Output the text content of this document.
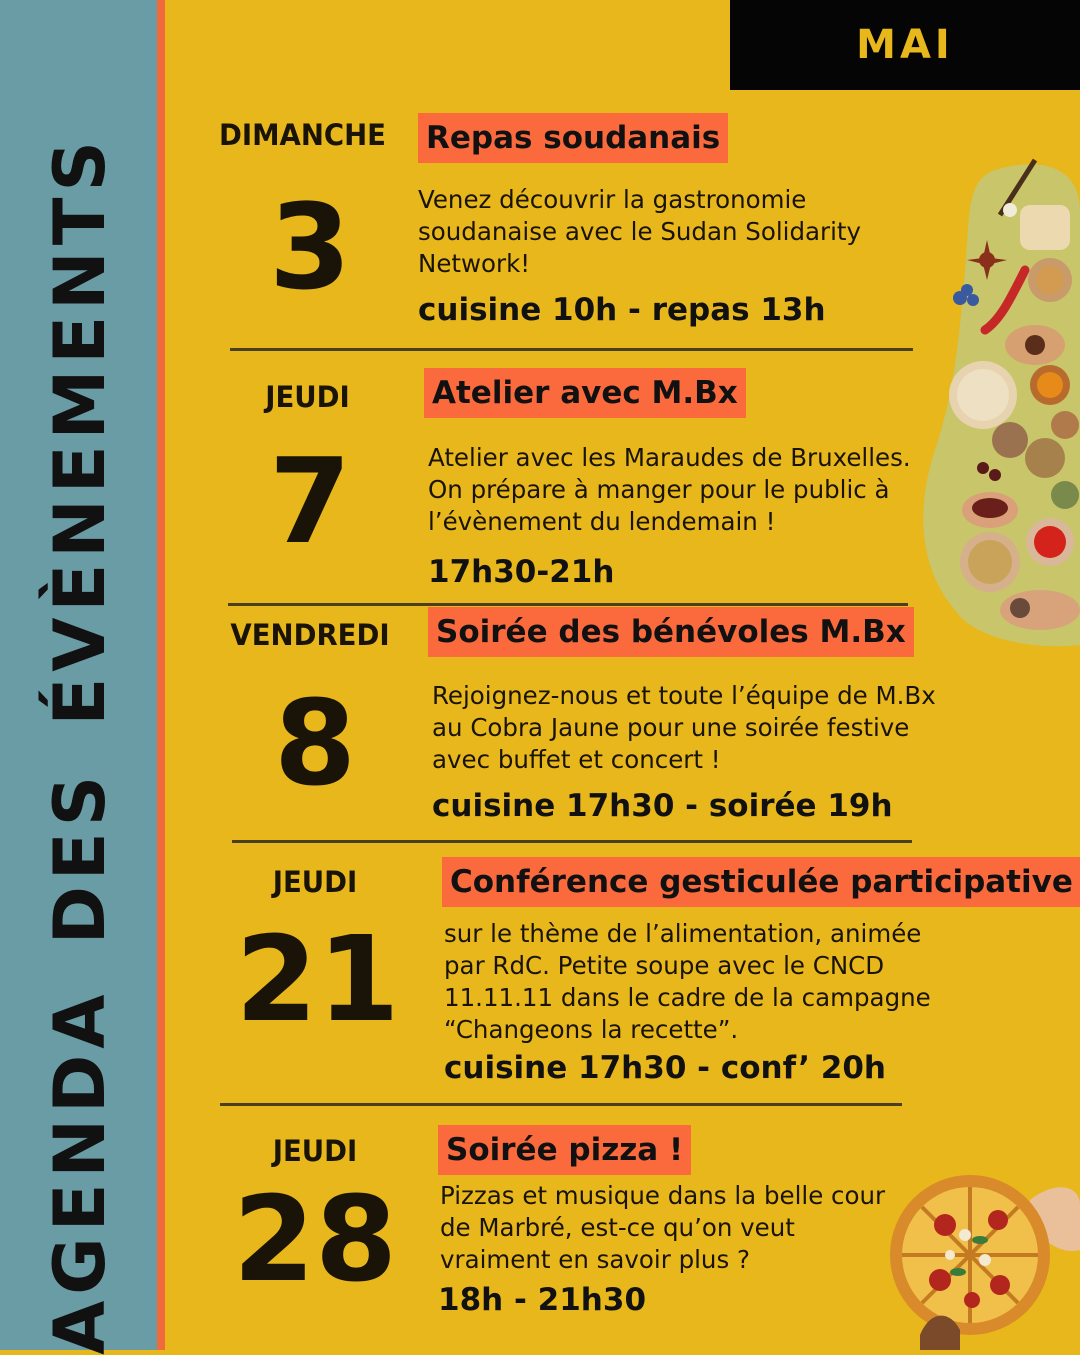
AGENDA DES ÉVÈNEMENTS
MAI
DIMANCHE
3
Repas soudanais
Venez découvrir la gastronomie soudanaise avec le Sudan Solidarity Network!
cuisine 10h - repas 13h
JEUDI
7
Atelier avec M.Bx
Atelier avec les Maraudes de Bruxelles. On prépare à manger pour le public à l’évènement du lendemain !
17h30-21h
VENDREDI
8
Soirée des bénévoles M.Bx
Rejoignez-nous et toute l’équipe de M.Bx au Cobra Jaune pour une soirée festive avec buffet et concert !
cuisine 17h30 - soirée 19h
JEUDI
21
Conférence gesticulée participative
sur le thème de l’alimentation, animée par RdC. Petite soupe avec le CNCD 11.11.11 dans le cadre de la campagne “Changeons la recette”.
cuisine 17h30 - conf’ 20h
JEUDI
28
Soirée pizza !
Pizzas et musique dans la belle cour de Marbré, est-ce qu’on veut vraiment en savoir plus ?
18h - 21h30
